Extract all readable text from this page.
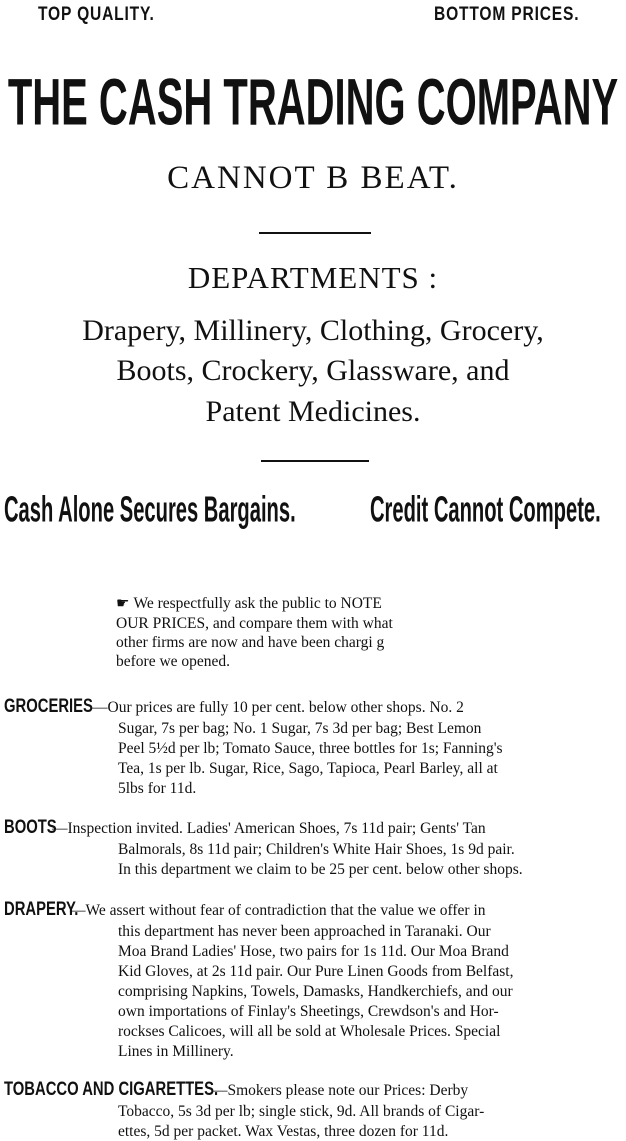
TOP QUALITY.	BOTTOM PRICES.
THE CASH TRADING COMPANY
CANNOT B BEAT.
DEPARTMENTS :
Drapery, Millinery, Clothing, Grocery,
Boots, Crockery, Glassware, and
Patent Medicines.
Cash Alone Secures Bargains.	Credit Cannot Compete.
☛ We respectfully ask the public to NOTE
OUR PRICES, and compare them with what
other firms are now and have been chargi g
before we opened.
GROCERIES—Our prices are fully 10 per cent. below other shops. No. 2
Sugar, 7s per bag; No. 1 Sugar, 7s 3d per bag; Best Lemon
Peel 5½d per lb; Tomato Sauce, three bottles for 1s; Fanning's
Tea, 1s per lb. Sugar, Rice, Sago, Tapioca, Pearl Barley, all at
5lbs for 11d.
BOOTS—Inspection invited. Ladies' American Shoes, 7s 11d pair; Gents' Tan
Balmorals, 8s 11d pair; Children's White Hair Shoes, 1s 9d pair.
In this department we claim to be 25 per cent. below other shops.
DRAPERY.—We assert without fear of contradiction that the value we offer in
this department has never been approached in Taranaki. Our
Moa Brand Ladies' Hose, two pairs for 1s 11d. Our Moa Brand
Kid Gloves, at 2s 11d pair. Our Pure Linen Goods from Belfast,
comprising Napkins, Towels, Damasks, Handkerchiefs, and our
own importations of Finlay's Sheetings, Crewdson's and Hor-
rockses Calicoes, will all be sold at Wholesale Prices. Special
Lines in Millinery.
TOBACCO AND CIGARETTES.—Smokers please note our Prices: Derby
Tobacco, 5s 3d per lb; single stick, 9d. All brands of Cigar-
ettes, 5d per packet. Wax Vestas, three dozen for 11d.
